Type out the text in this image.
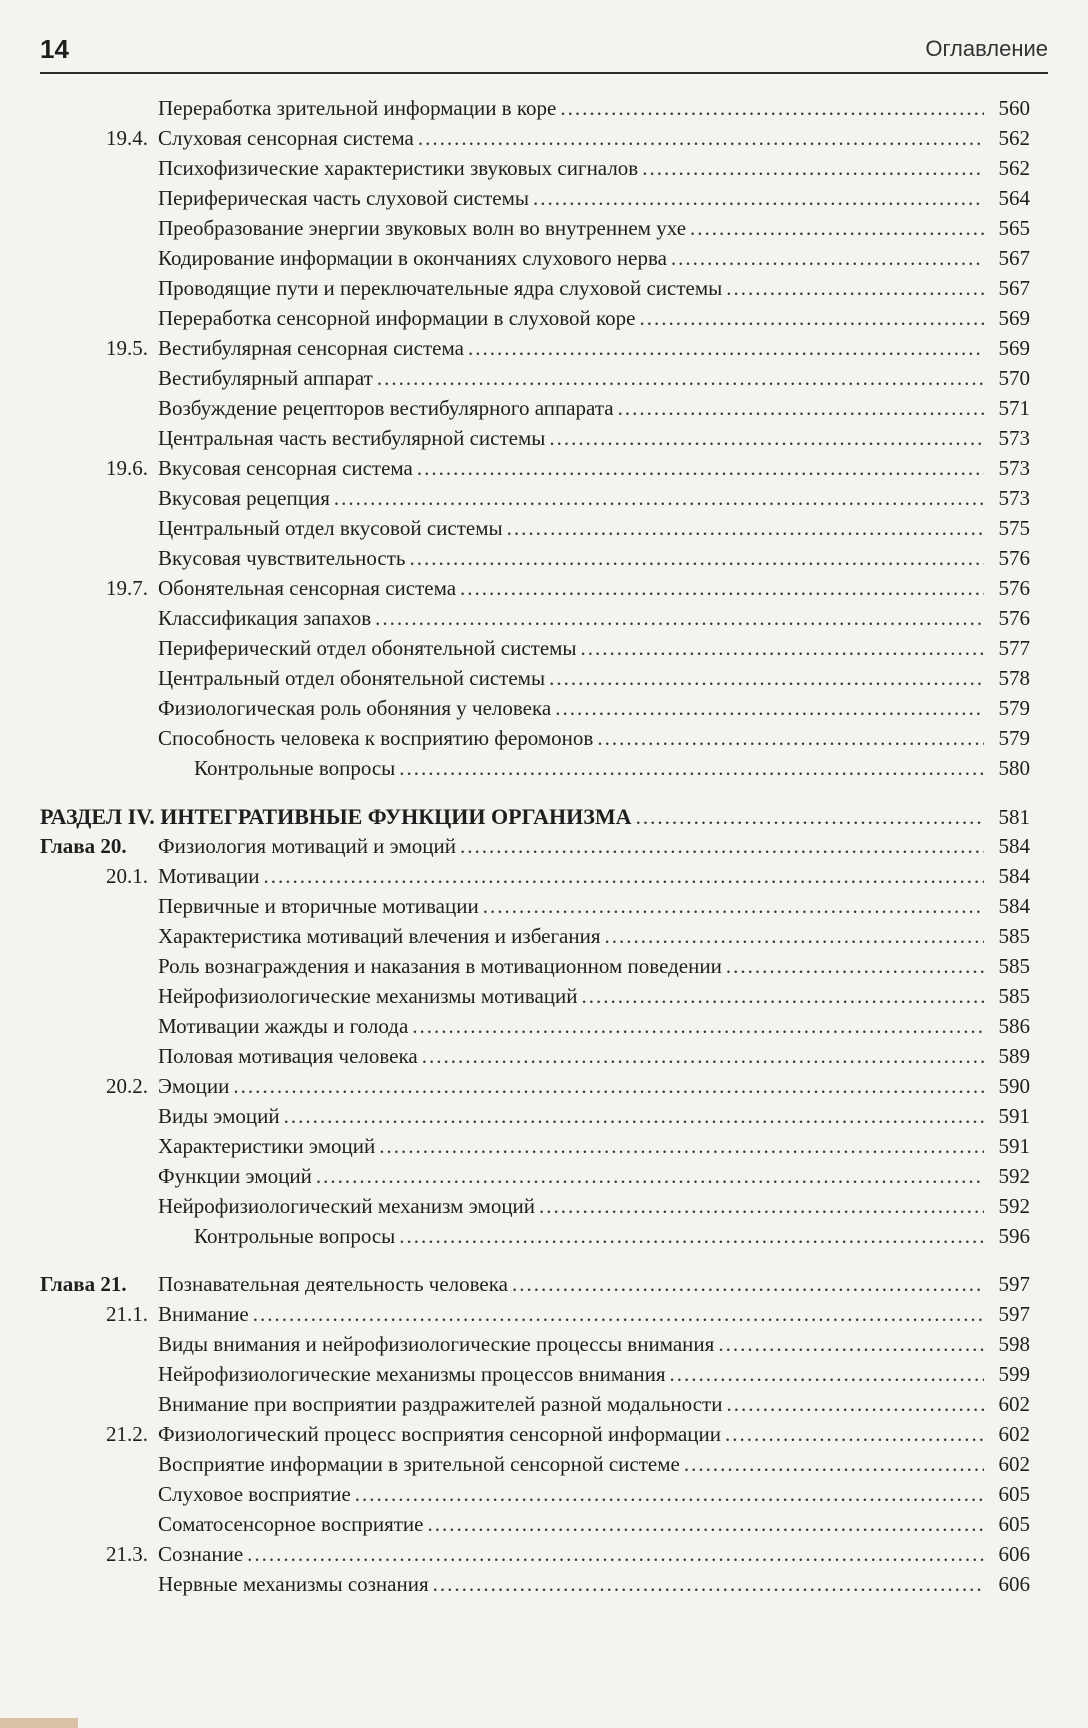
14	Оглавление
Переработка зрительной информации в коре .....	560
19.4. Слуховая сенсорная система .....	562
Психофизические характеристики звуковых сигналов .....	562
Периферическая часть слуховой системы .....	564
Преобразование энергии звуковых волн во внутреннем ухе .....	565
Кодирование информации в окончаниях слухового нерва .....	567
Проводящие пути и переключательные ядра слуховой системы .....	567
Переработка сенсорной информации в слуховой коре .....	569
19.5. Вестибулярная сенсорная система .....	569
Вестибулярный аппарат .....	570
Возбуждение рецепторов вестибулярного аппарата .....	571
Центральная часть вестибулярной системы .....	573
19.6. Вкусовая сенсорная система .....	573
Вкусовая рецепция .....	573
Центральный отдел вкусовой системы .....	575
Вкусовая чувствительность .....	576
19.7. Обонятельная сенсорная система .....	576
Классификация запахов .....	576
Периферический отдел обонятельной системы .....	577
Центральный отдел обонятельной системы .....	578
Физиологическая роль обоняния у человека .....	579
Способность человека к восприятию феромонов .....	579
Контрольные вопросы .....	580
РАЗДЕЛ IV. ИНТЕГРАТИВНЫЕ ФУНКЦИИ ОРГАНИЗМА .....	581
Глава 20.	Физиология мотиваций и эмоций .....	584
20.1. Мотивации .....	584
Первичные и вторичные мотивации .....	584
Характеристика мотиваций влечения и избегания .....	585
Роль вознаграждения и наказания в мотивационном поведении .....	585
Нейрофизиологические механизмы мотиваций .....	585
Мотивации жажды и голода .....	586
Половая мотивация человека .....	589
20.2. Эмоции .....	590
Виды эмоций .....	591
Характеристики эмоций .....	591
Функции эмоций .....	592
Нейрофизиологический механизм эмоций .....	592
Контрольные вопросы .....	596
Глава 21.	Познавательная деятельность человека .....	597
21.1. Внимание .....	597
Виды внимания и нейрофизиологические процессы внимания .....	598
Нейрофизиологические механизмы процессов внимания .....	599
Внимание при восприятии раздражителей разной модальности .....	602
21.2. Физиологический процесс восприятия сенсорной информации .....	602
Восприятие информации в зрительной сенсорной системе .....	602
Слуховое восприятие .....	605
Соматосенсорное восприятие .....	605
21.3. Сознание .....	606
Нервные механизмы сознания .....	606
